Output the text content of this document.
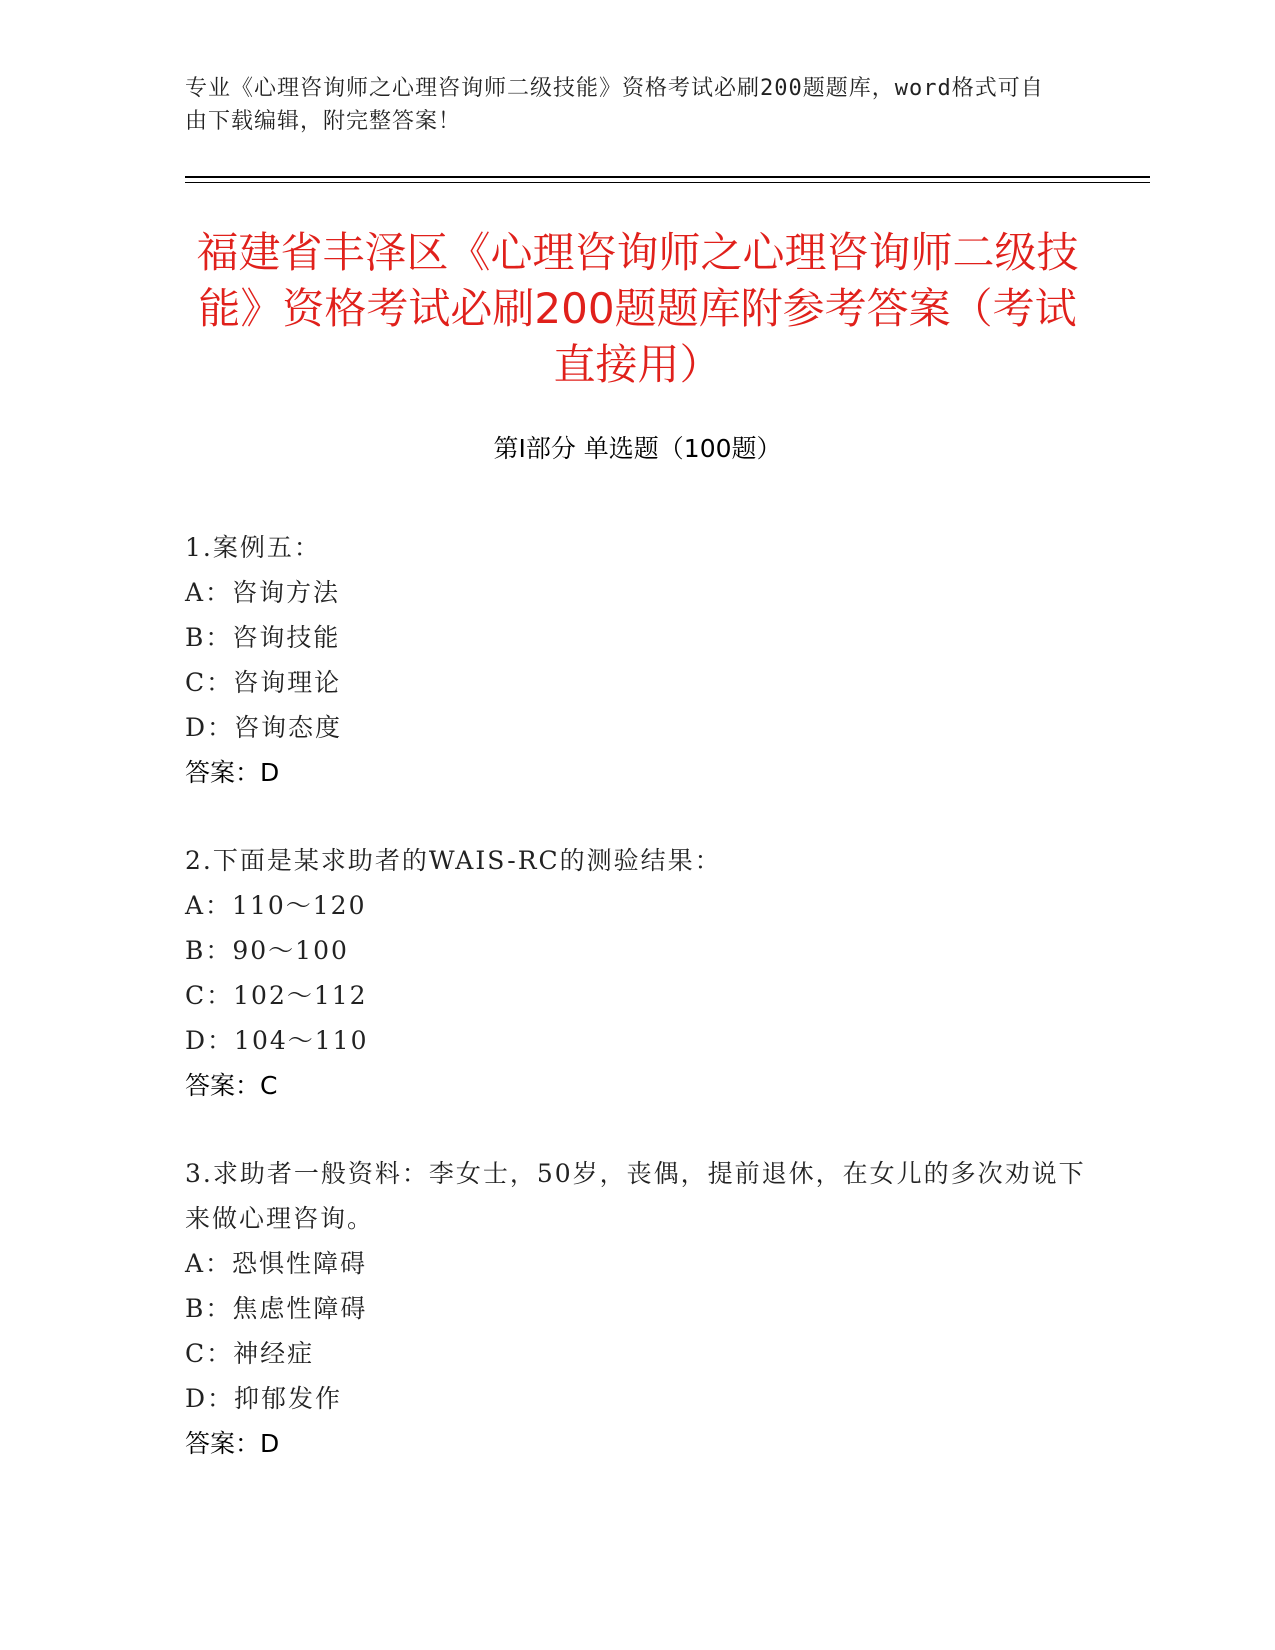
专业《心理咨询师之心理咨询师二级技能》资格考试必刷200题题库，word格式可自由下载编辑，附完整答案！
福建省丰泽区《心理咨询师之心理咨询师二级技能》资格考试必刷200题题库附参考答案（考试直接用）
第Ⅰ部分 单选题（100题）
1.案例五：
A：咨询方法
B：咨询技能
C：咨询理论
D：咨询态度
答案：D
2.下面是某求助者的WAIS-RC的测验结果：
A：110～120
B：90～100
C：102～112
D：104～110
答案：C
3.求助者一般资料：李女士，50岁，丧偶，提前退休，在女儿的多次劝说下来做心理咨询。
A：恐惧性障碍
B：焦虑性障碍
C：神经症
D：抑郁发作
答案：D
